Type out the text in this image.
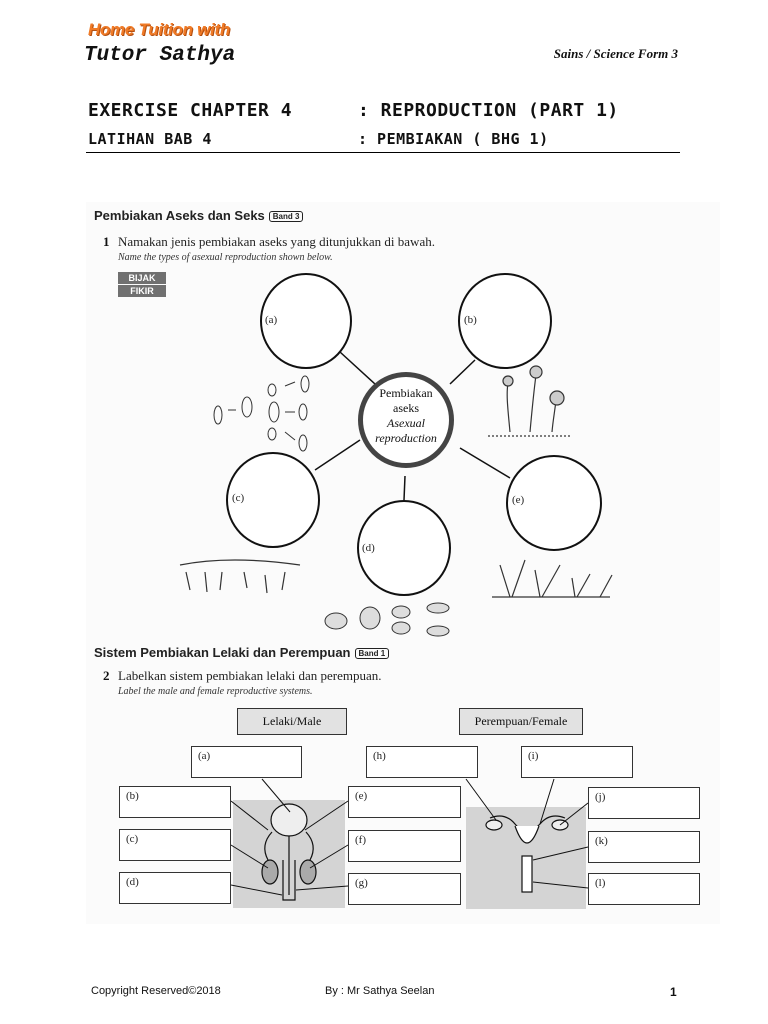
Home Tuition with
Tutor Sathya	Sains / Science Form 3
EXERCISE CHAPTER 4	: REPRODUCTION (PART 1)
LATIHAN BAB 4	: PEMBIAKAN ( BHG 1)
Pembiakan Aseks dan Seks Band 3
1 Namakan jenis pembiakan aseks yang ditunjukkan di bawah.
Name the types of asexual reproduction shown below.
BIJAK
FIKIR
(a)	(b)
(c)
(d)
(e)
Pembiakan
aseks
Asexual
reproduction
Sistem Pembiakan Lelaki dan Perempuan Band 1
2 Labelkan sistem pembiakan lelaki dan perempuan.
Label the male and female reproductive systems.
Lelaki/Male	Perempuan/Female
(a)
(b)
(c)
(d)
(e)
(f)
(g)
(h)	(i)
(j)
(k)
(l)
Copyright Reserved©2018	By : Mr Sathya Seelan	1
